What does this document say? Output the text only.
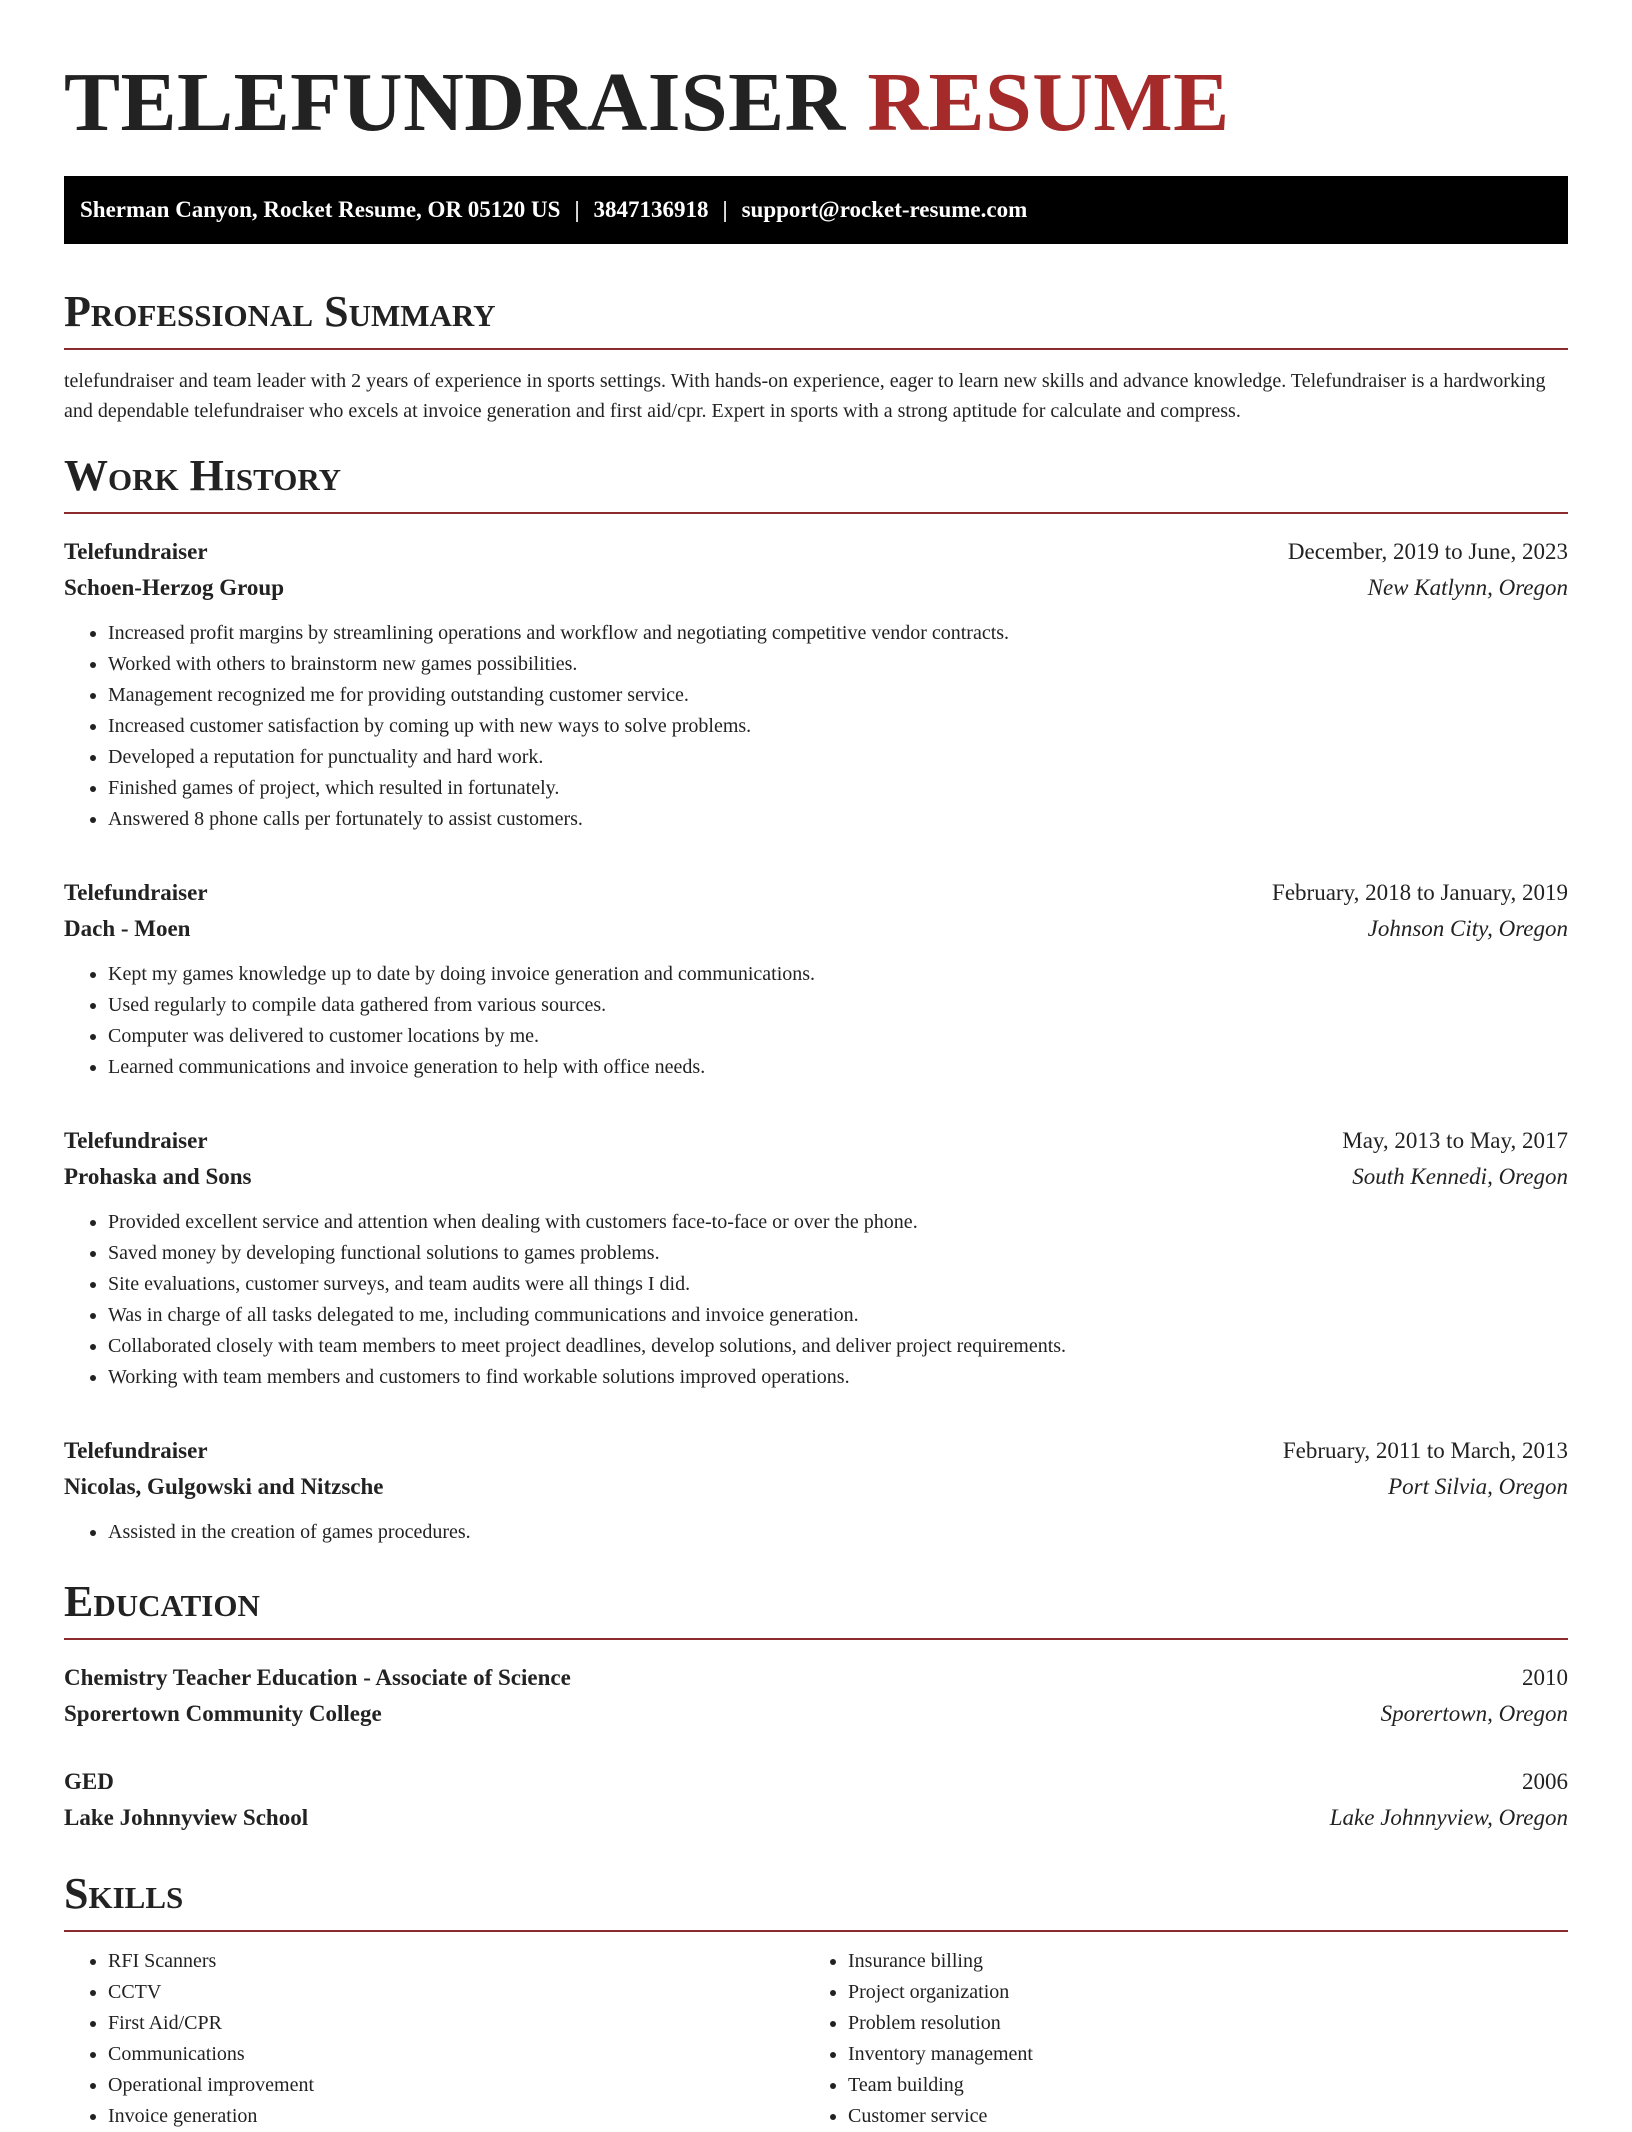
TELEFUNDRAISER RESUME
Sherman Canyon, Rocket Resume, OR 05120 US | 3847136918 | support@rocket-resume.com
Professional Summary

telefundraiser and team leader with 2 years of experience in sports settings. With hands-on experience, eager to learn new skills and advance knowledge. Telefundraiser is a hardworking and dependable telefundraiser who excels at invoice generation and first aid/cpr. Expert in sports with a strong aptitude for calculate and compress.

Work History
Telefundraiser	December, 2019 to June, 2023
Schoen-Herzog Group	New Katlynn, Oregon
• Increased profit margins by streamlining operations and workflow and negotiating competitive vendor contracts.
• Worked with others to brainstorm new games possibilities.
• Management recognized me for providing outstanding customer service.
• Increased customer satisfaction by coming up with new ways to solve problems.
• Developed a reputation for punctuality and hard work.
• Finished games of project, which resulted in fortunately.
• Answered 8 phone calls per fortunately to assist customers.
Telefundraiser	February, 2018 to January, 2019
Dach - Moen	Johnson City, Oregon
• Kept my games knowledge up to date by doing invoice generation and communications.
• Used regularly to compile data gathered from various sources.
• Computer was delivered to customer locations by me.
• Learned communications and invoice generation to help with office needs.
Telefundraiser	May, 2013 to May, 2017
Prohaska and Sons	South Kennedi, Oregon
• Provided excellent service and attention when dealing with customers face-to-face or over the phone.
• Saved money by developing functional solutions to games problems.
• Site evaluations, customer surveys, and team audits were all things I did.
• Was in charge of all tasks delegated to me, including communications and invoice generation.
• Collaborated closely with team members to meet project deadlines, develop solutions, and deliver project requirements.
• Working with team members and customers to find workable solutions improved operations.
Telefundraiser	February, 2011 to March, 2013
Nicolas, Gulgowski and Nitzsche	Port Silvia, Oregon
• Assisted in the creation of games procedures.
Education
Chemistry Teacher Education - Associate of Science	2010
Sporertown Community College	Sporertown, Oregon
GED	2006
Lake Johnnyview School	Lake Johnnyview, Oregon
Skills
• RFI Scanners
• CCTV
• First Aid/CPR
• Communications
• Operational improvement
• Invoice generation
• Insurance billing
• Project organization
• Problem resolution
• Inventory management
• Team building
• Customer service
